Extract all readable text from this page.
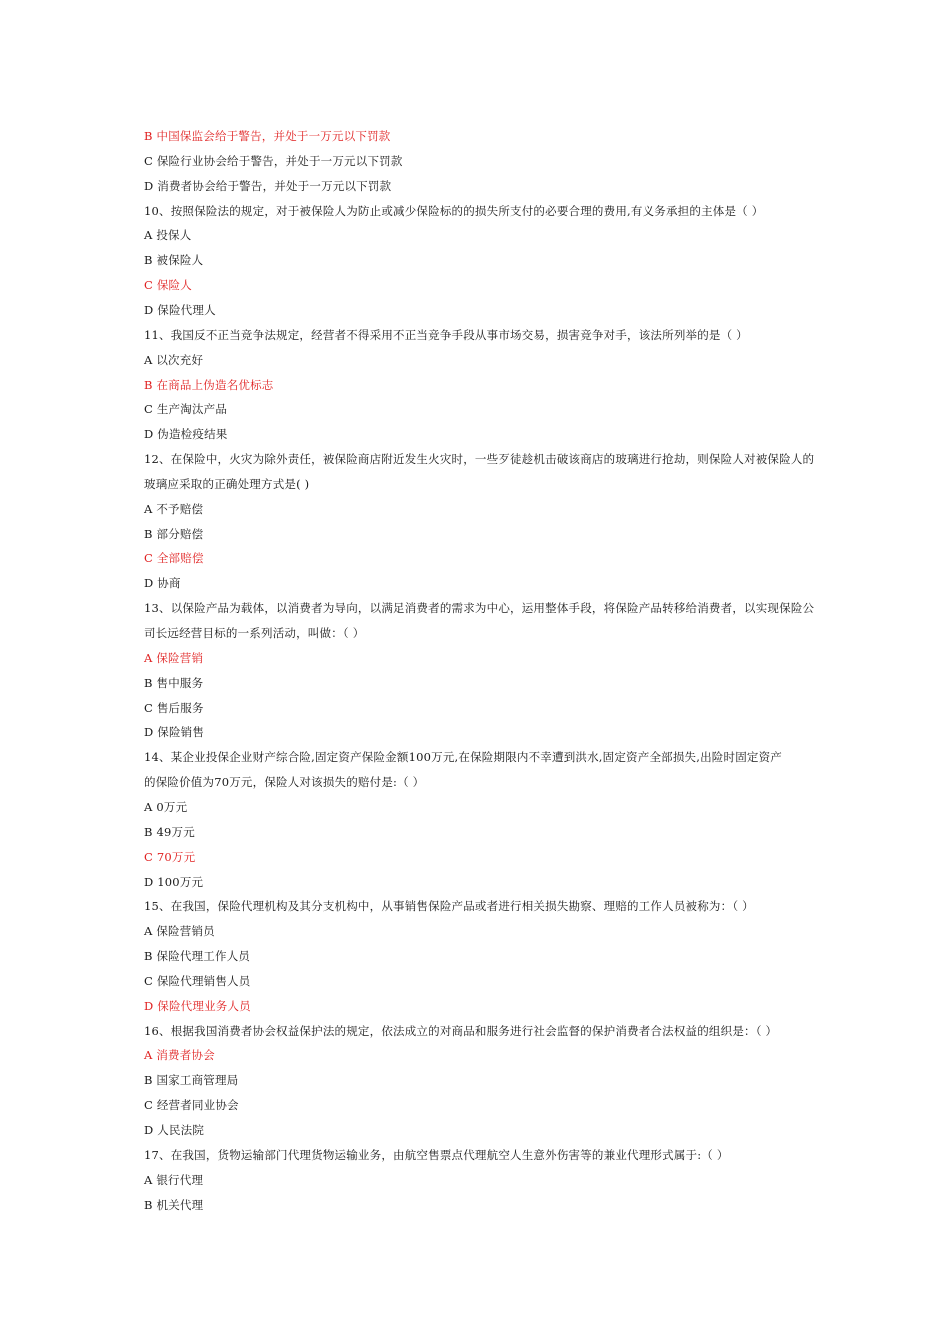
B 中国保监会给于警告，并处于一万元以下罚款
C 保险行业协会给于警告，并处于一万元以下罚款
D 消费者协会给于警告，并处于一万元以下罚款
10、按照保险法的规定，对于被保险人为防止或减少保险标的的损失所支付的必要合理的费用,有义务承担的主体是（ ）
A 投保人
B 被保险人
C 保险人
D 保险代理人
11、我国反不正当竞争法规定，经营者不得采用不正当竞争手段从事市场交易，损害竞争对手，该法所列举的是（ ）
A 以次充好
B 在商品上伪造名优标志
C 生产淘汰产品
D 伪造检疫结果
12、在保险中，火灾为除外责任，被保险商店附近发生火灾时，一些歹徒趁机击破该商店的玻璃进行抢劫，则保险人对被保险人的
玻璃应采取的正确处理方式是( )
A 不予赔偿
B 部分赔偿
C 全部赔偿
D 协商
13、以保险产品为载体，以消费者为导向，以满足消费者的需求为中心，运用整体手段，将保险产品转移给消费者，以实现保险公
司长远经营目标的一系列活动，叫做：（ ）
A 保险营销
B 售中服务
C 售后服务
D 保险销售
14、某企业投保企业财产综合险,固定资产保险金额100万元,在保险期限内不幸遭到洪水,固定资产全部损失,出险时固定资产
的保险价值为70万元，保险人对该损失的赔付是:（ ）
A 0万元
B 49万元
C 70万元
D 100万元
15、在我国，保险代理机构及其分支机构中，从事销售保险产品或者进行相关损失勘察、理赔的工作人员被称为：（ ）
A 保险营销员
B 保险代理工作人员
C 保险代理销售人员
D 保险代理业务人员
16、根据我国消费者协会权益保护法的规定，依法成立的对商品和服务进行社会监督的保护消费者合法权益的组织是：（ ）
A 消费者协会
B 国家工商管理局
C 经营者同业协会
D 人民法院
17、在我国，货物运输部门代理货物运输业务，由航空售票点代理航空人生意外伤害等的兼业代理形式属于:（ ）
A 银行代理
B 机关代理
